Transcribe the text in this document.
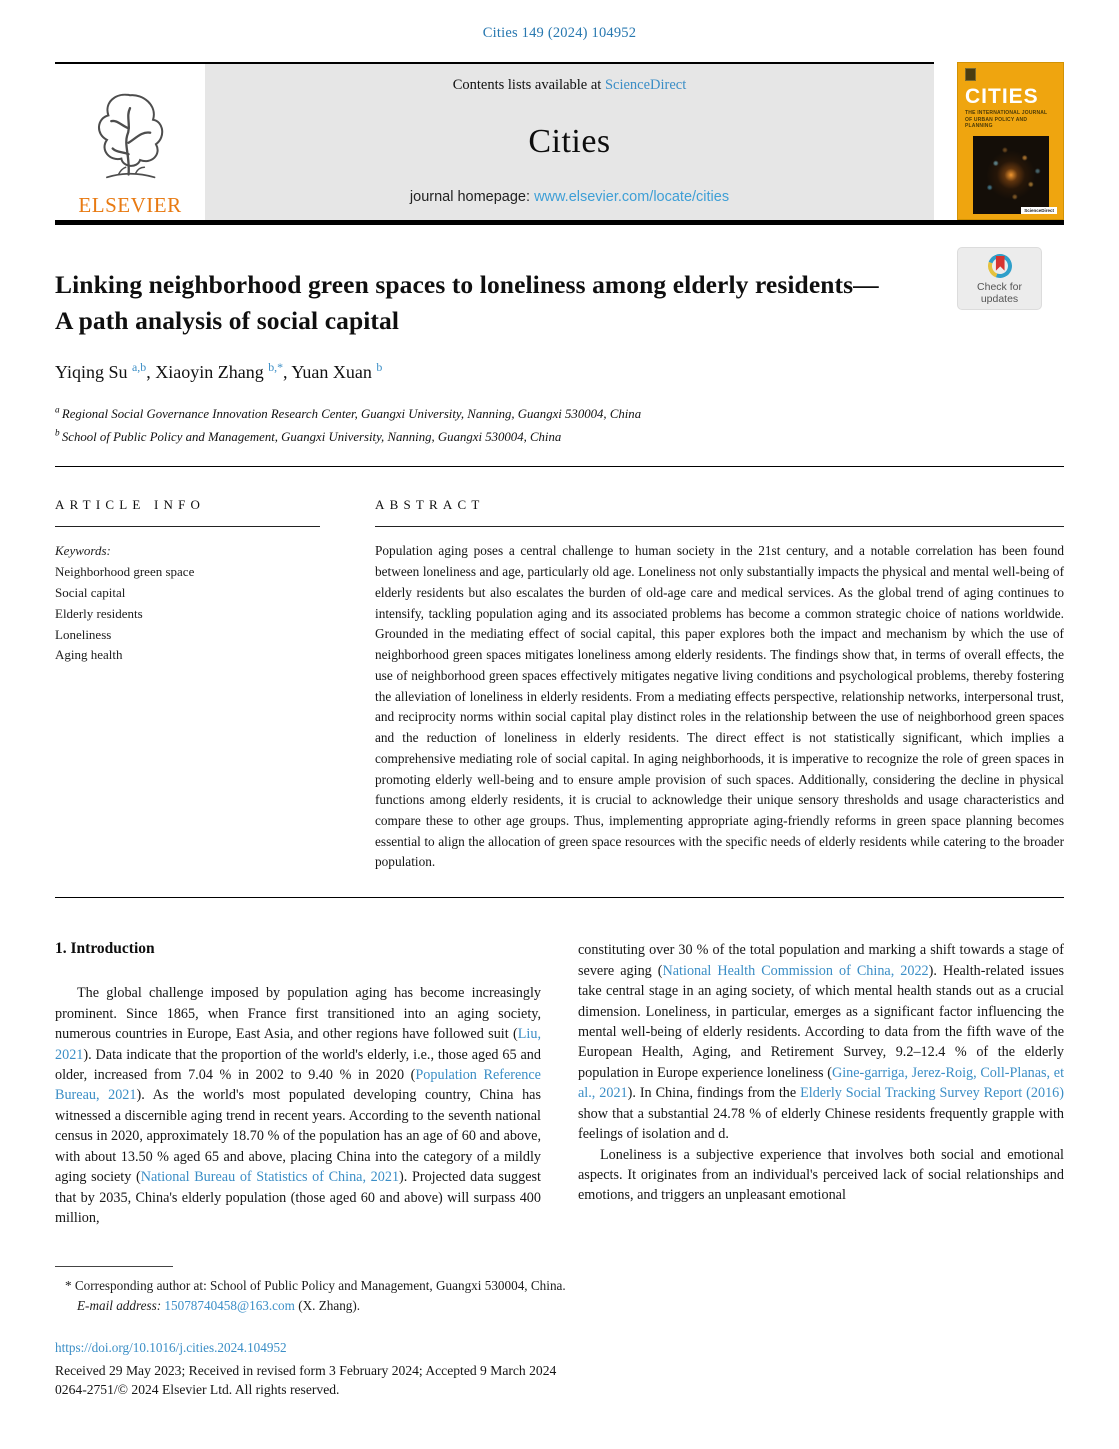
Cities 149 (2024) 104952
ELSEVIER
Contents lists available at ScienceDirect
Cities
journal homepage: www.elsevier.com/locate/cities
CITIES
THE INTERNATIONAL JOURNAL OF URBAN POLICY AND PLANNING
ScienceDirect
Linking neighborhood green spaces to loneliness among elderly residents—A path analysis of social capital
Yiqing Su $^{a,b}$, Xiaoyin Zhang $^{b,*}$, Yuan Xuan $^b$
$^a$ Regional Social Governance Innovation Research Center, Guangxi University, Nanning, Guangxi 530004, China
$^b$ School of Public Policy and Management, Guangxi University, Nanning, Guangxi 530004, China
ARTICLE INFO
Keywords:
Neighborhood green space
Social capital
Elderly residents
Loneliness
Aging health
ABSTRACT
Population aging poses a central challenge to human society in the 21st century, and a notable correlation has been found between loneliness and age, particularly old age. Loneliness not only substantially impacts the physical and mental well-being of elderly residents but also escalates the burden of old-age care and medical services. As the global trend of aging continues to intensify, tackling population aging and its associated problems has become a common strategic choice of nations worldwide. Grounded in the mediating effect of social capital, this paper explores both the impact and mechanism by which the use of neighborhood green spaces mitigates loneliness among elderly residents. The findings show that, in terms of overall effects, the use of neighborhood green spaces effectively mitigates negative living conditions and psychological problems, thereby fostering the alleviation of loneliness in elderly residents. From a mediating effects perspective, relationship networks, interpersonal trust, and reciprocity norms within social capital play distinct roles in the relationship between the use of neighborhood green spaces and the reduction of loneliness in elderly residents. The direct effect is not statistically significant, which implies a comprehensive mediating role of social capital. In aging neighborhoods, it is imperative to recognize the role of green spaces in promoting elderly well-being and to ensure ample provision of such spaces. Additionally, considering the decline in physical functions among elderly residents, it is crucial to acknowledge their unique sensory thresholds and usage characteristics and compare these to other age groups. Thus, implementing appropriate aging-friendly reforms in green space planning becomes essential to align the allocation of green space resources with the specific needs of elderly residents while catering to the broader population.
1. Introduction

The global challenge imposed by population aging has become increasingly prominent. Since 1865, when France first transitioned into an aging society, numerous countries in Europe, East Asia, and other regions have followed suit (Liu, 2021). Data indicate that the proportion of the world's elderly, i.e., those aged 65 and older, increased from 7.04 % in 2002 to 9.40 % in 2020 (Population Reference Bureau, 2021). As the world's most populated developing country, China has witnessed a discernible aging trend in recent years. According to the seventh national census in 2020, approximately 18.70 % of the population has an age of 60 and above, with about 13.50 % aged 65 and above, placing China into the category of a mildly aging society (National Bureau of Statistics of China, 2021). Projected data suggest that by 2035, China's elderly population (those aged 60 and above) will surpass 400 million,

constituting over 30 % of the total population and marking a shift towards a stage of severe aging (National Health Commission of China, 2022). Health-related issues take central stage in an aging society, of which mental health stands out as a crucial dimension. Loneliness, in particular, emerges as a significant factor influencing the mental well-being of elderly residents. According to data from the fifth wave of the European Health, Aging, and Retirement Survey, 9.2–12.4 % of the elderly population in Europe experience loneliness (Gine-garriga, Jerez-Roig, Coll-Planas, et al., 2021). In China, findings from the Elderly Social Tracking Survey Report (2016) show that a substantial 24.78 % of elderly Chinese residents frequently grapple with feelings of isolation and d.

Loneliness is a subjective experience that involves both social and emotional aspects. It originates from an individual's perceived lack of social relationships and emotions, and triggers an unpleasant emotional

* Corresponding author at: School of Public Policy and Management, Guangxi 530004, China.
E-mail address: 15078740458@163.com (X. Zhang).
https://doi.org/10.1016/j.cities.2024.104952
Received 29 May 2023; Received in revised form 3 February 2024; Accepted 9 March 2024
0264-2751/© 2024 Elsevier Ltd. All rights reserved.
Check for
updates
